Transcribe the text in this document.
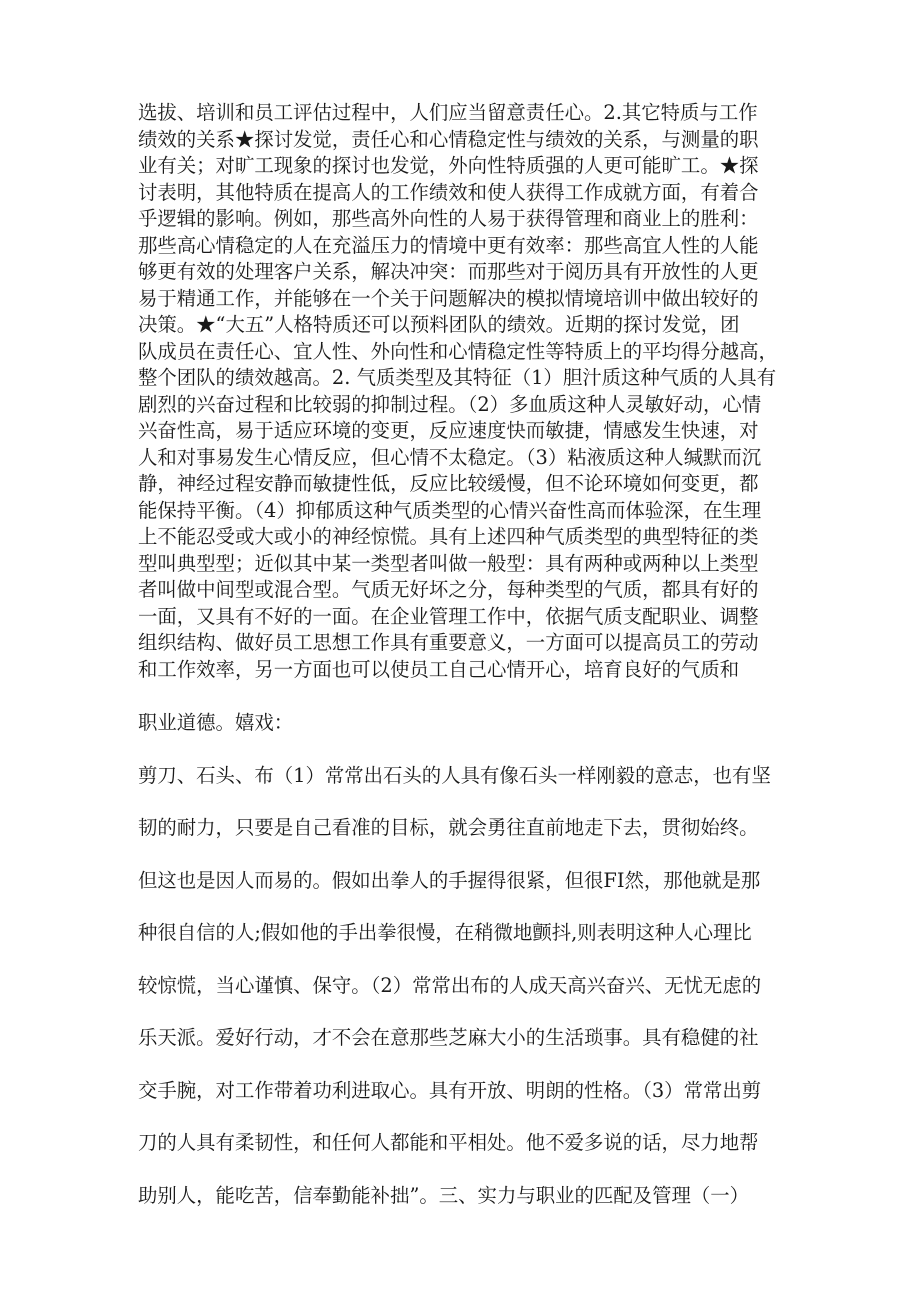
选拔、培训和员工评估过程中，人们应当留意责任心。2.其它特质与工作
绩效的关系★探讨发觉，责任心和心情稳定性与绩效的关系，与测量的职
业有关；对旷工现象的探讨也发觉，外向性特质强的人更可能旷工。★探
讨表明，其他特质在提高人的工作绩效和使人获得工作成就方面，有着合
乎逻辑的影响。例如，那些高外向性的人易于获得管理和商业上的胜利：
那些高心情稳定的人在充溢压力的情境中更有效率：那些高宜人性的人能
够更有效的处理客户关系，解决冲突：而那些对于阅历具有开放性的人更
易于精通工作，并能够在一个关于问题解决的模拟情境培训中做出较好的
决策。★“大五”人格特质还可以预料团队的绩效。近期的探讨发觉，团
队成员在责任心、宜人性、外向性和心情稳定性等特质上的平均得分越高，
整个团队的绩效越高。2. 气质类型及其特征（1）胆汁质这种气质的人具有
剧烈的兴奋过程和比较弱的抑制过程。（2）多血质这种人灵敏好动，心情
兴奋性高，易于适应环境的变更，反应速度快而敏捷，情感发生快速，对
人和对事易发生心情反应，但心情不太稳定。（3）粘液质这种人缄默而沉
静，神经过程安静而敏捷性低，反应比较缓慢，但不论环境如何变更，都
能保持平衡。（4）抑郁质这种气质类型的心情兴奋性高而体验深，在生理
上不能忍受或大或小的神经惊慌。具有上述四种气质类型的典型特征的类
型叫典型型；近似其中某一类型者叫做一般型：具有两种或两种以上类型
者叫做中间型或混合型。气质无好坏之分，每种类型的气质，都具有好的
一面，又具有不好的一面。在企业管理工作中，依据气质支配职业、调整
组织结构、做好员工思想工作具有重要意义，一方面可以提高员工的劳动
和工作效率，另一方面也可以使员工自己心情开心，培育良好的气质和
职业道德。嬉戏：
剪刀、石头、布（1）常常出石头的人具有像石头一样刚毅的意志，也有坚
韧的耐力，只要是自己看准的目标，就会勇往直前地走下去，贯彻始终。
但这也是因人而易的。假如出拳人的手握得很紧，但很FI然，那他就是那
种很自信的人;假如他的手出拳很慢，在稍微地颤抖,则表明这种人心理比
较惊慌，当心谨慎、保守。（2）常常出布的人成天高兴奋兴、无忧无虑的
乐天派。爱好行动，才不会在意那些芝麻大小的生活琐事。具有稳健的社
交手腕，对工作带着功利进取心。具有开放、明朗的性格。（3）常常出剪
刀的人具有柔韧性，和任何人都能和平相处。他不爱多说的话，尽力地帮
助别人，能吃苦，信奉勤能补拙”。三、实力与职业的匹配及管理（一）
